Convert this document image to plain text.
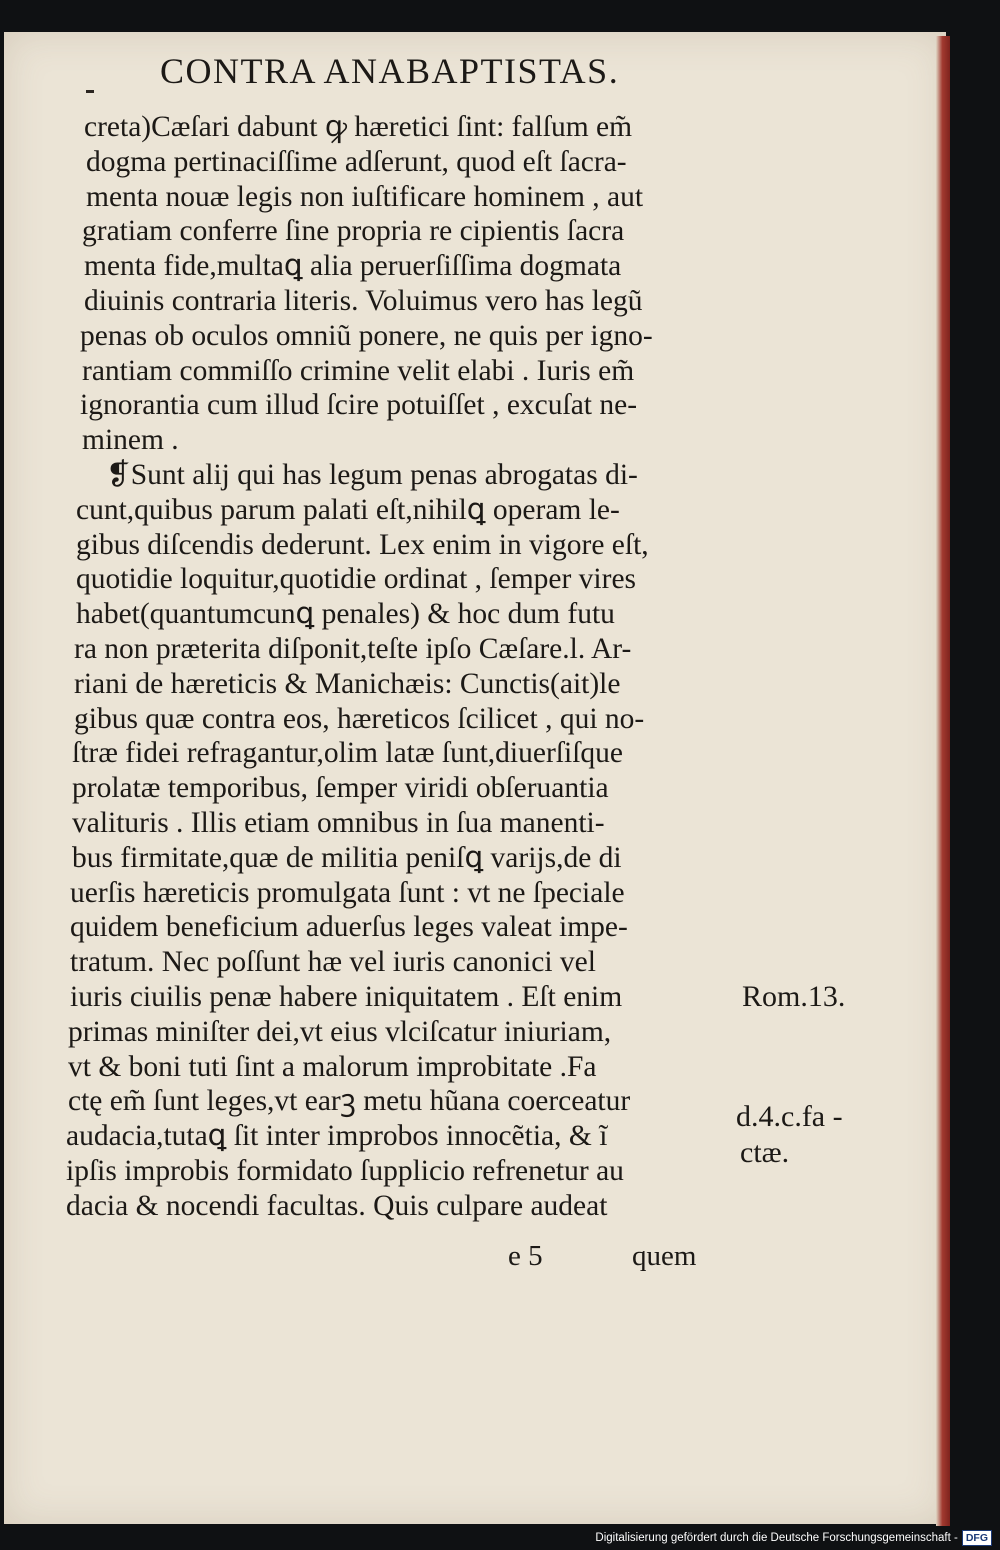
CONTRA ANABAPTISTAS.
creta)Cæſari dabunt ꝙ hæretici ſint: falſum em̃
dogma pertinaciſſime adſerunt, quod eſt ſacra-
menta nouæ legis non iuſtificare hominem , aut
gratiam conferre ſine propria re cipientis ſacra
menta fide,multaꝗ alia peruerſiſſima dogmata
diuinis contraria literis. Voluimus vero has legũ
penas ob oculos omniũ ponere, ne quis per igno-
rantiam commiſſo crimine velit elabi . Iuris em̃
ignorantia cum illud ſcire potuiſſet , excuſat ne-
minem .
❡Sunt alij qui has legum penas abrogatas di-
cunt,quibus parum palati eſt,nihilꝗ operam le-
gibus diſcendis dederunt. Lex enim in vigore eſt,
quotidie loquitur,quotidie ordinat , ſemper vires
habet(quantumcunꝗ penales) & hoc dum futu
ra non præterita diſponit,teſte ipſo Cæſare.l. Ar-
riani de hæreticis & Manichæis: Cunctis(ait)le
gibus quæ contra eos, hæreticos ſcilicet , qui no-
ſtræ fidei refragantur,olim latæ ſunt,diuerſiſque
prolatæ temporibus, ſemper viridi obſeruantia
valituris . Illis etiam omnibus in ſua manenti-
bus firmitate,quæ de militia peniſꝗ varijs,de di
uerſis hæreticis promulgata ſunt : vt ne ſpeciale
quidem beneficium aduerſus leges valeat impe-
tratum. Nec poſſunt hæ vel iuris canonici vel
iuris ciuilis penæ habere iniquitatem . Eſt enim
primas miniſter dei,vt eius vlciſcatur iniuriam,
vt & boni tuti ſint a malorum improbitate .Fa
ctę em̃ ſunt leges,vt earꝫ metu hũana coerceatur
audacia,tutaꝗ ſit inter improbos innocẽtia, & ĩ
ipſis improbis formidato ſupplicio refrenetur au
dacia & nocendi facultas. Quis culpare audeat
e 5	quem
Rom.13.
d.4.c.fa -
ctæ.
Digitalisierung gefördert durch die Deutsche Forschungsgemeinschaft - DFG
